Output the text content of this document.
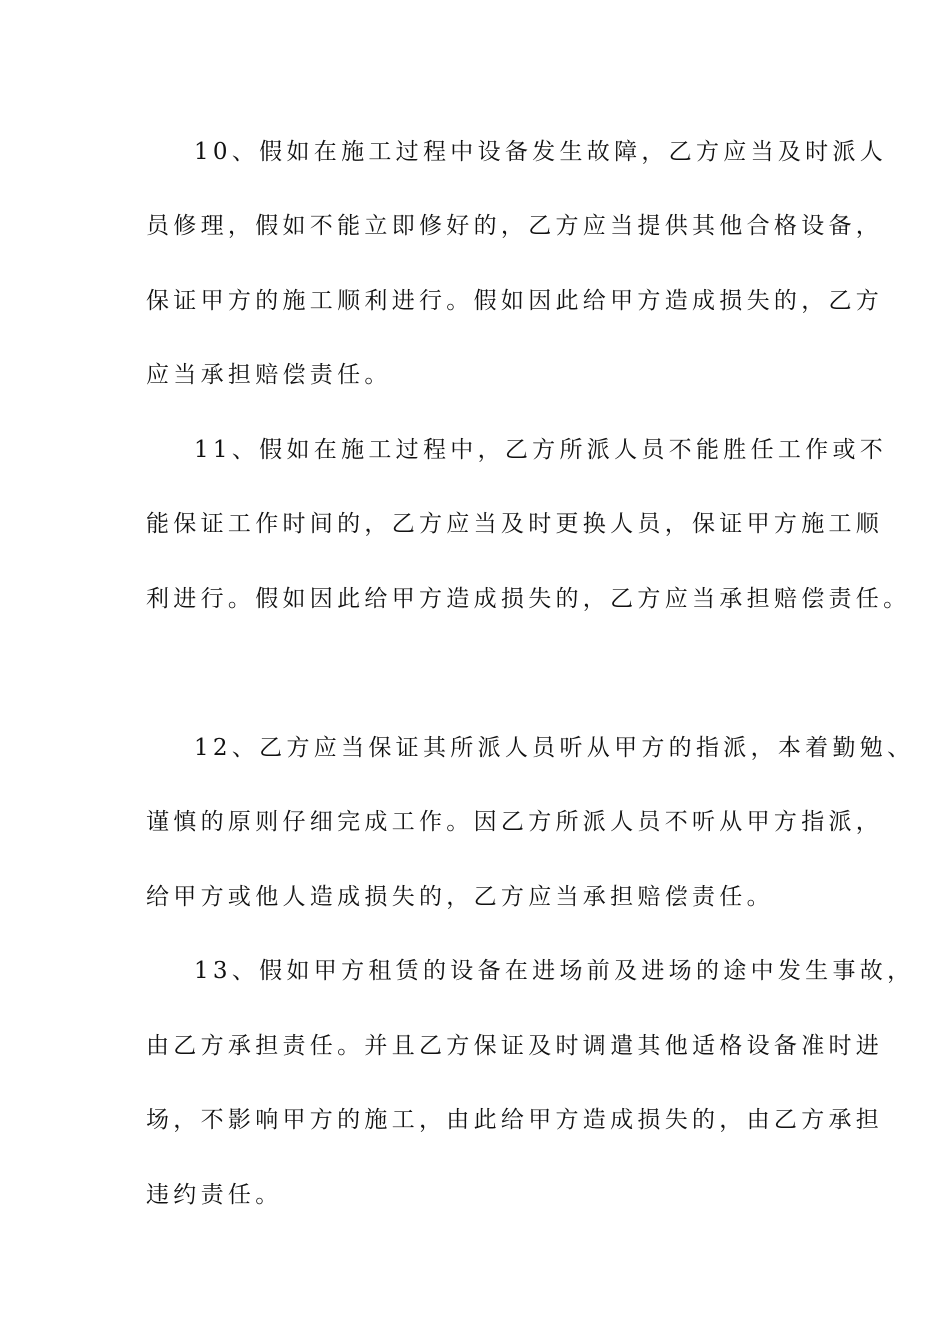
10、假如在施工过程中设备发生故障，乙方应当及时派人
员修理，假如不能立即修好的，乙方应当提供其他合格设备，
保证甲方的施工顺利进行。假如因此给甲方造成损失的，乙方
应当承担赔偿责任。
11、假如在施工过程中，乙方所派人员不能胜任工作或不
能保证工作时间的，乙方应当及时更换人员，保证甲方施工顺
利进行。假如因此给甲方造成损失的，乙方应当承担赔偿责任。
12、乙方应当保证其所派人员听从甲方的指派，本着勤勉、
谨慎的原则仔细完成工作。因乙方所派人员不听从甲方指派，
给甲方或他人造成损失的，乙方应当承担赔偿责任。
13、假如甲方租赁的设备在进场前及进场的途中发生事故，
由乙方承担责任。并且乙方保证及时调遣其他适格设备准时进
场，不影响甲方的施工，由此给甲方造成损失的，由乙方承担
违约责任。
